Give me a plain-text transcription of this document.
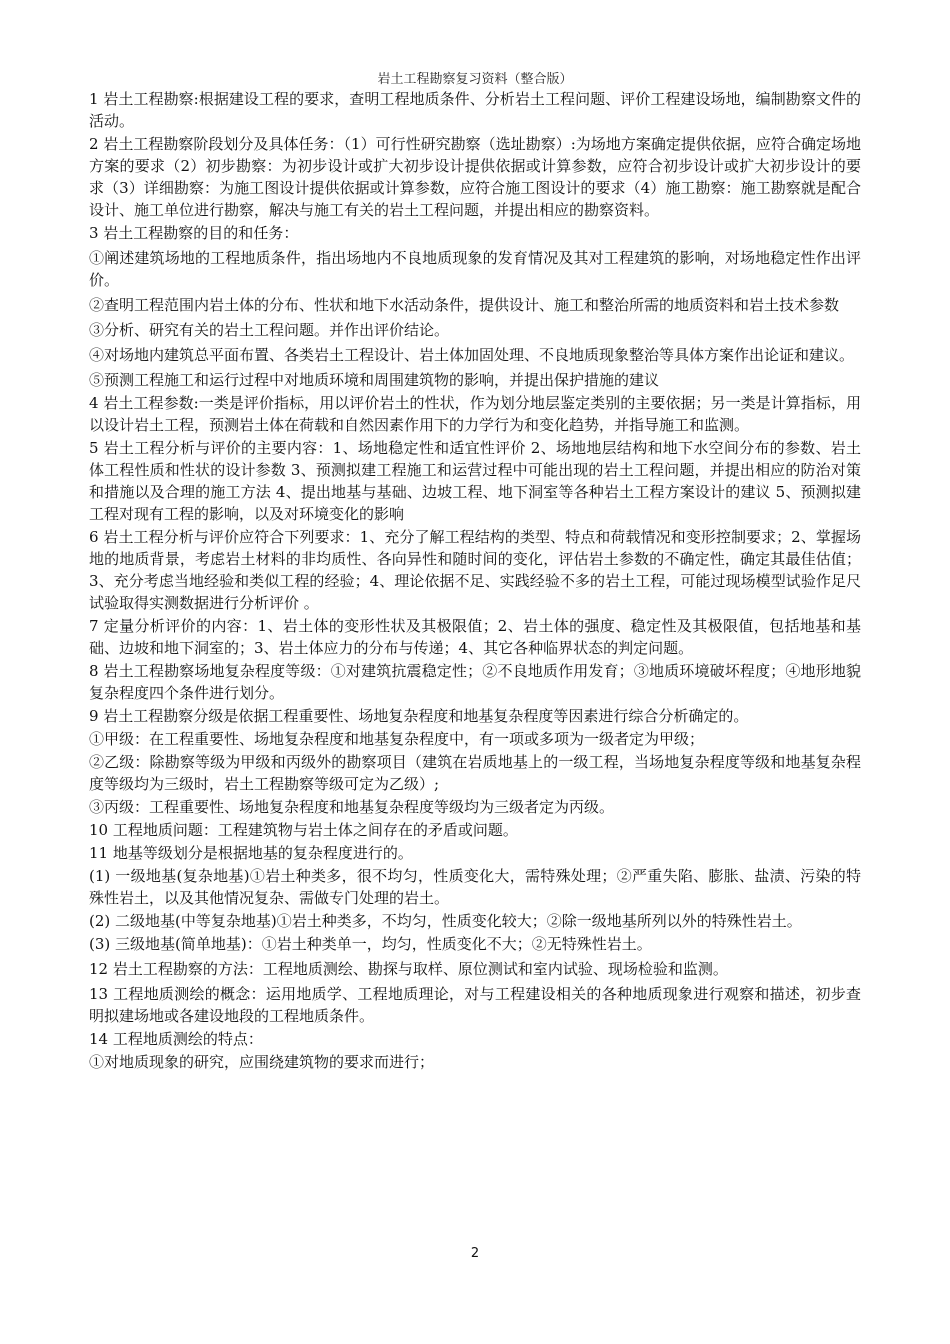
岩土工程勘察复习资料（整合版）

1 岩土工程勘察:根据建设工程的要求，查明工程地质条件、分析岩土工程问题、评价工程建设场地，编制勘察文件的活动。

2 岩土工程勘察阶段划分及具体任务：（1）可行性研究勘察（选址勘察）:为场地方案确定提供依据，应符合确定场地方案的要求（2）初步勘察：为初步设计或扩大初步设计提供依据或计算参数，应符合初步设计或扩大初步设计的要求（3）详细勘察：为施工图设计提供依据或计算参数，应符合施工图设计的要求（4）施工勘察：施工勘察就是配合设计、施工单位进行勘察，解决与施工有关的岩土工程问题，并提出相应的勘察资料。

3 岩土工程勘察的目的和任务：

①阐述建筑场地的工程地质条件，指出场地内不良地质现象的发育情况及其对工程建筑的影响，对场地稳定性作出评价。

②查明工程范围内岩土体的分布、性状和地下水活动条件，提供设计、施工和整治所需的地质资料和岩土技术参数

③分析、研究有关的岩土工程问题。并作出评价结论。

④对场地内建筑总平面布置、各类岩土工程设计、岩土体加固处理、不良地质现象整治等具体方案作出论证和建议。

⑤预测工程施工和运行过程中对地质环境和周围建筑物的影响，并提出保护措施的建议

4 岩土工程参数:一类是评价指标，用以评价岩土的性状，作为划分地层鉴定类别的主要依据；另一类是计算指标，用以设计岩土工程，预测岩土体在荷载和自然因素作用下的力学行为和变化趋势，并指导施工和监测。

5 岩土工程分析与评价的主要内容：1、场地稳定性和适宜性评价 2、场地地层结构和地下水空间分布的参数、岩土体工程性质和性状的设计参数 3、预测拟建工程施工和运营过程中可能出现的岩土工程问题，并提出相应的防治对策和措施以及合理的施工方法 4、提出地基与基础、边坡工程、地下洞室等各种岩土工程方案设计的建议 5、预测拟建工程对现有工程的影响，以及对环境变化的影响

6 岩土工程分析与评价应符合下列要求：1、充分了解工程结构的类型、特点和荷载情况和变形控制要求；2、掌握场地的地质背景，考虑岩土材料的非均质性、各向异性和随时间的变化，评估岩土参数的不确定性，确定其最佳估值；3、充分考虑当地经验和类似工程的经验；4、理论依据不足、实践经验不多的岩土工程，可能过现场模型试验作足尺试验取得实测数据进行分析评价 。

7 定量分析评价的内容：1、岩土体的变形性状及其极限值；2、岩土体的强度、稳定性及其极限值，包括地基和基础、边坡和地下洞室的；3、岩土体应力的分布与传递；4、其它各种临界状态的判定问题。

8 岩土工程勘察场地复杂程度等级：①对建筑抗震稳定性；②不良地质作用发育；③地质环境破坏程度；④地形地貌复杂程度四个条件进行划分。

9 岩土工程勘察分级是依据工程重要性、场地复杂程度和地基复杂程度等因素进行综合分析确定的。

①甲级：在工程重要性、场地复杂程度和地基复杂程度中，有一项或多项为一级者定为甲级；

②乙级：除勘察等级为甲级和丙级外的勘察项目（建筑在岩质地基上的一级工程，当场地复杂程度等级和地基复杂程度等级均为三级时，岩土工程勘察等级可定为乙级）;

③丙级：工程重要性、场地复杂程度和地基复杂程度等级均为三级者定为丙级。

10 工程地质问题：工程建筑物与岩土体之间存在的矛盾或问题。

11 地基等级划分是根据地基的复杂程度进行的。

(1) 一级地基(复杂地基)①岩土种类多，很不均匀，性质变化大，需特殊处理；②严重失陷、膨胀、盐渍、污染的特殊性岩土，以及其他情况复杂、需做专门处理的岩土。

(2) 二级地基(中等复杂地基)①岩土种类多，不均匀，性质变化较大；②除一级地基所列以外的特殊性岩土。

(3) 三级地基(简单地基)：①岩土种类单一，均匀，性质变化不大；②无特殊性岩土。

12 岩土工程勘察的方法：工程地质测绘、勘探与取样、原位测试和室内试验、现场检验和监测。

13 工程地质测绘的概念：运用地质学、工程地质理论，对与工程建设相关的各种地质现象进行观察和描述，初步查明拟建场地或各建设地段的工程地质条件。

14 工程地质测绘的特点：

①对地质现象的研究，应围绕建筑物的要求而进行；

2
